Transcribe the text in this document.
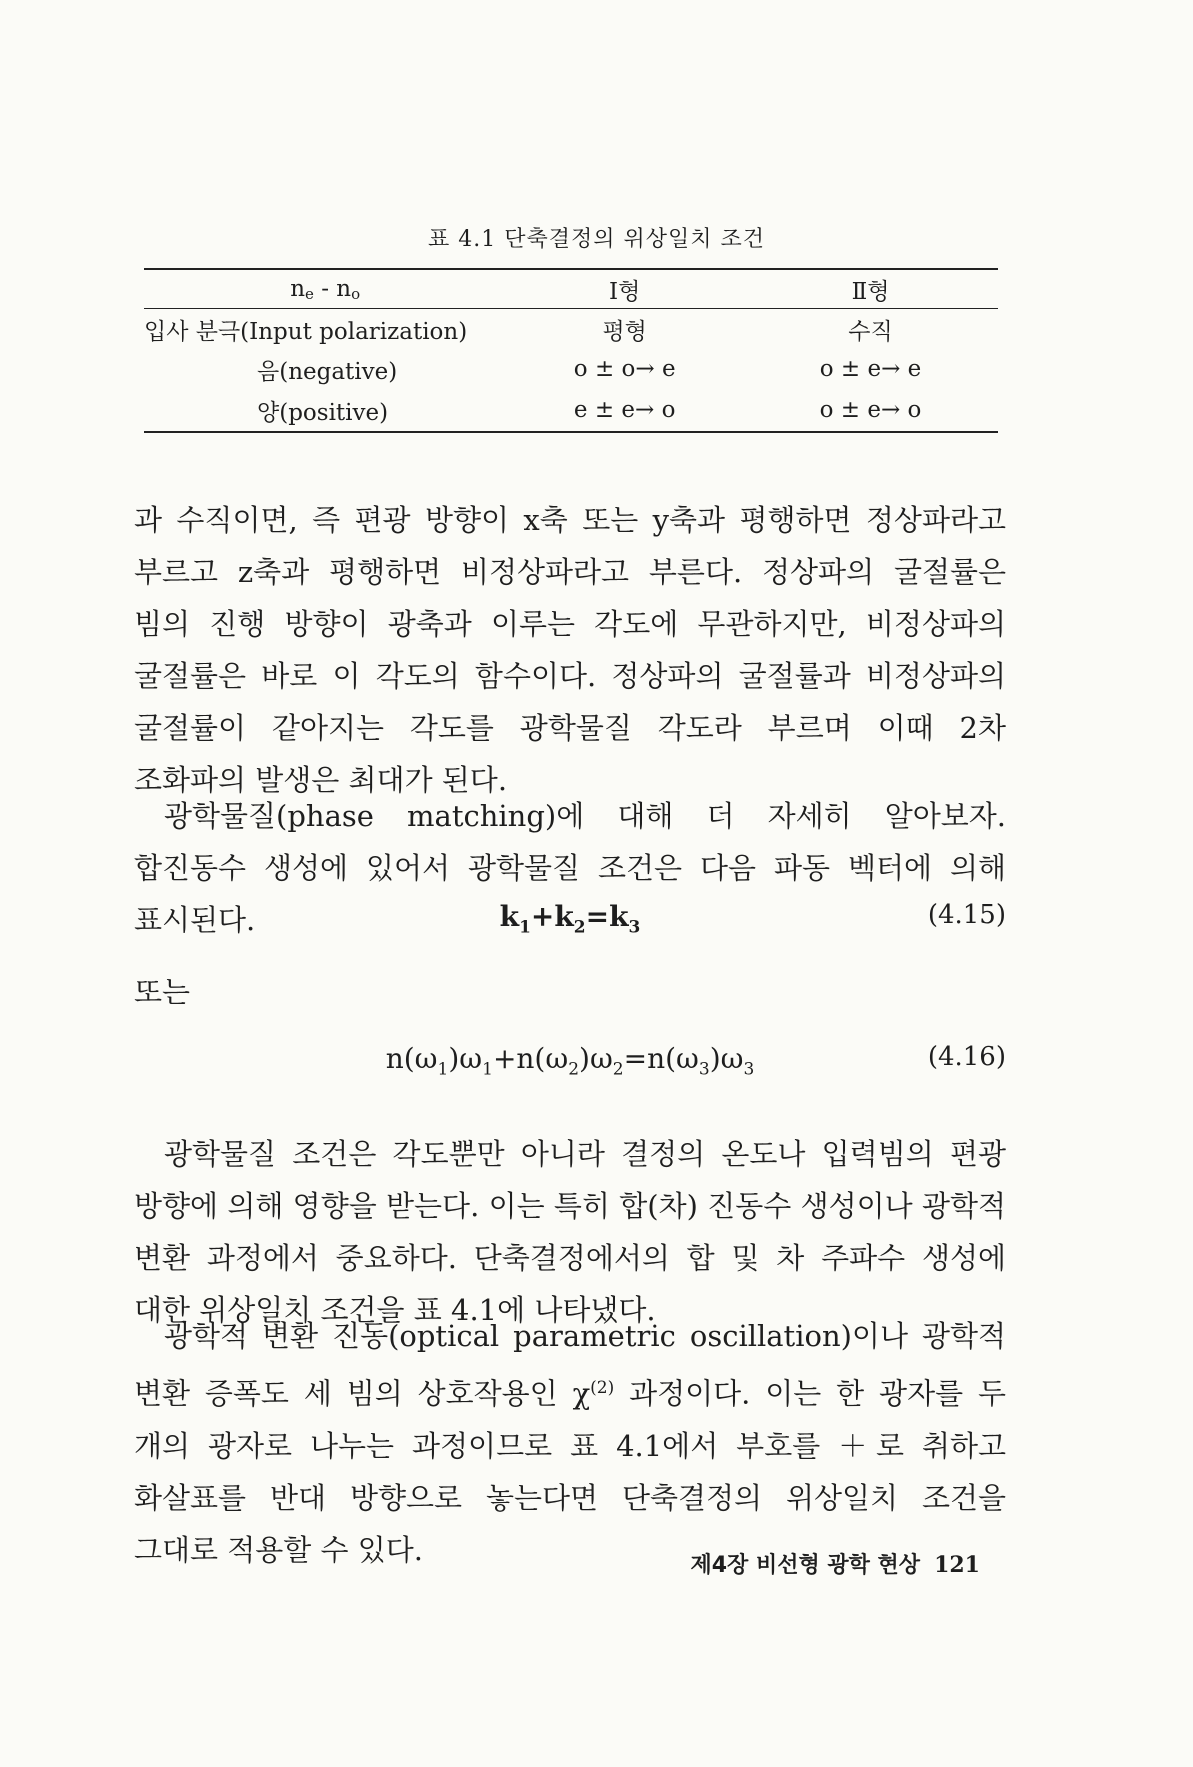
표 4.1 단축결정의 위상일치 조건
$n_e - n_o$	Ⅰ형	Ⅱ형
입사 분극(Input polarization)	평형	수직
음(negative)	o ± o→ e	o ± e→ e
양(positive)	e ± e→ o	o ± e→ o

과 수직이면, 즉 편광 방향이 x축 또는 y축과 평행하면 정상파라고 부르고 z축과 평행하면 비정상파라고 부른다. 정상파의 굴절률은 빔의 진행 방향이 광축과 이루는 각도에 무관하지만, 비정상파의 굴절률은 바로 이 각도의 함수이다. 정상파의 굴절률과 비정상파의 굴절률이 같아지는 각도를 광학물질 각도라 부르며 이때 2차 조화파의 발생은 최대가 된다.

광학물질(phase matching)에 대해 더 자세히 알아보자. 합진동수 생성에 있어서 광학물질 조건은 다음 파동 벡터에 의해 표시된다.	$k_1+k_2=k_3$	(4.15)
또는
$n(\omega_1)\omega_1+n(\omega_2)\omega_2=n(\omega_3)\omega_3$	(4.16)

광학물질 조건은 각도뿐만 아니라 결정의 온도나 입력빔의 편광 방향에 의해 영향을 받는다. 이는 특히 합(차) 진동수 생성이나 광학적 변환 과정에서 중요하다. 단축결정에서의 합 및 차 주파수 생성에 대한 위상일치 조건을 표 4.1에 나타냈다.

광학적 변환 진동(optical parametric oscillation)이나 광학적 변환 증폭도 세 빔의 상호작용인 $\chi^{(2)}$ 과정이다. 이는 한 광자를 두 개의 광자로 나누는 과정이므로 표 4.1에서 부호를 ＋로 취하고 화살표를 반대 방향으로 놓는다면 단축결정의 위상일치 조건을 그대로 적용할 수 있다.	제4장 비선형 광학 현상 121
